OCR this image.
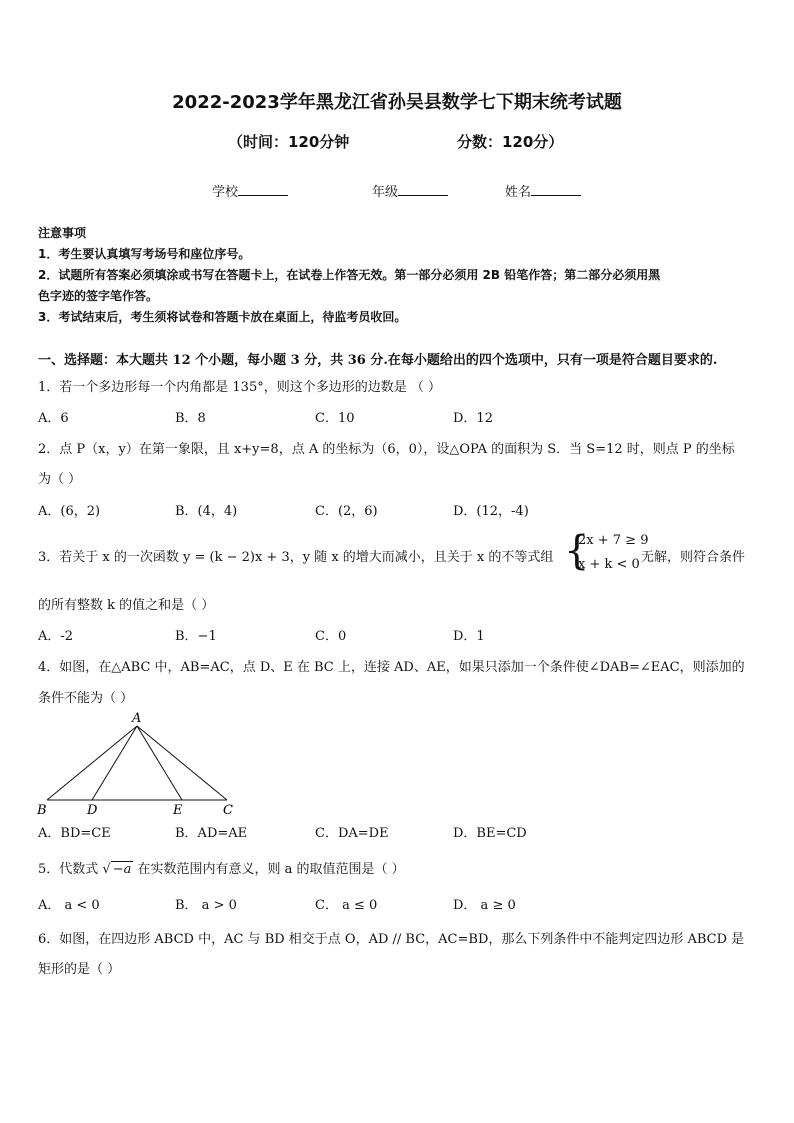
2022-2023学年黑龙江省孙吴县数学七下期末统考试题
（时间：120分钟	分数：120分）
学校	年级	姓名
注意事项
1．考生要认真填写考场号和座位序号。
2．试题所有答案必须填涂或书写在答题卡上，在试卷上作答无效。第一部分必须用 2B 铅笔作答；第二部分必须用黑
色字迹的签字笔作答。
3．考试结束后，考生须将试卷和答题卡放在桌面上，待监考员收回。
一、选择题：本大题共 12 个小题，每小题 3 分，共 36 分.在每小题给出的四个选项中，只有一项是符合题目要求的.
1．若一个多边形每一个内角都是 135°，则这个多边形的边数是 （ ）
A．6	B．8	C．10	D．12
2．点 P（x，y）在第一象限，且 x+y=8，点 A 的坐标为（6，0），设△OPA 的面积为 S．当 S=12 时，则点 P 的坐标
为（ ）
A．(6，2)	B．(4，4)	C．(2，6)	D．(12，-4)
3．若关于 x 的一次函数 y = (k − 2)x + 3，y 随 x 的增大而减小，且关于 x 的不等式组 {
2x + 7 ≥ 9
x + k < 0 无解，则符合条件
的所有整数 k 的值之和是（ ）
A．-2	B．−1	C．0	D．1
4．如图，在△ABC 中，AB=AC，点 D、E 在 BC 上，连接 AD、AE，如果只添加一个条件使∠DAB=∠EAC，则添加的
条件不能为（ ）
A
B	D	E	C
A．BD=CE	B．AD=AE	C．DA=DE	D．BE=CD
5．代数式 √ −a 在实数范围内有意义，则 a 的取值范围是（ ）
A． a < 0	B． a > 0	C． a ≤ 0	D． a ≥ 0
6．如图，在四边形 ABCD 中，AC 与 BD 相交于点 O，AD // BC，AC=BD，那么下列条件中不能判定四边形 ABCD 是
矩形的是（ ）
